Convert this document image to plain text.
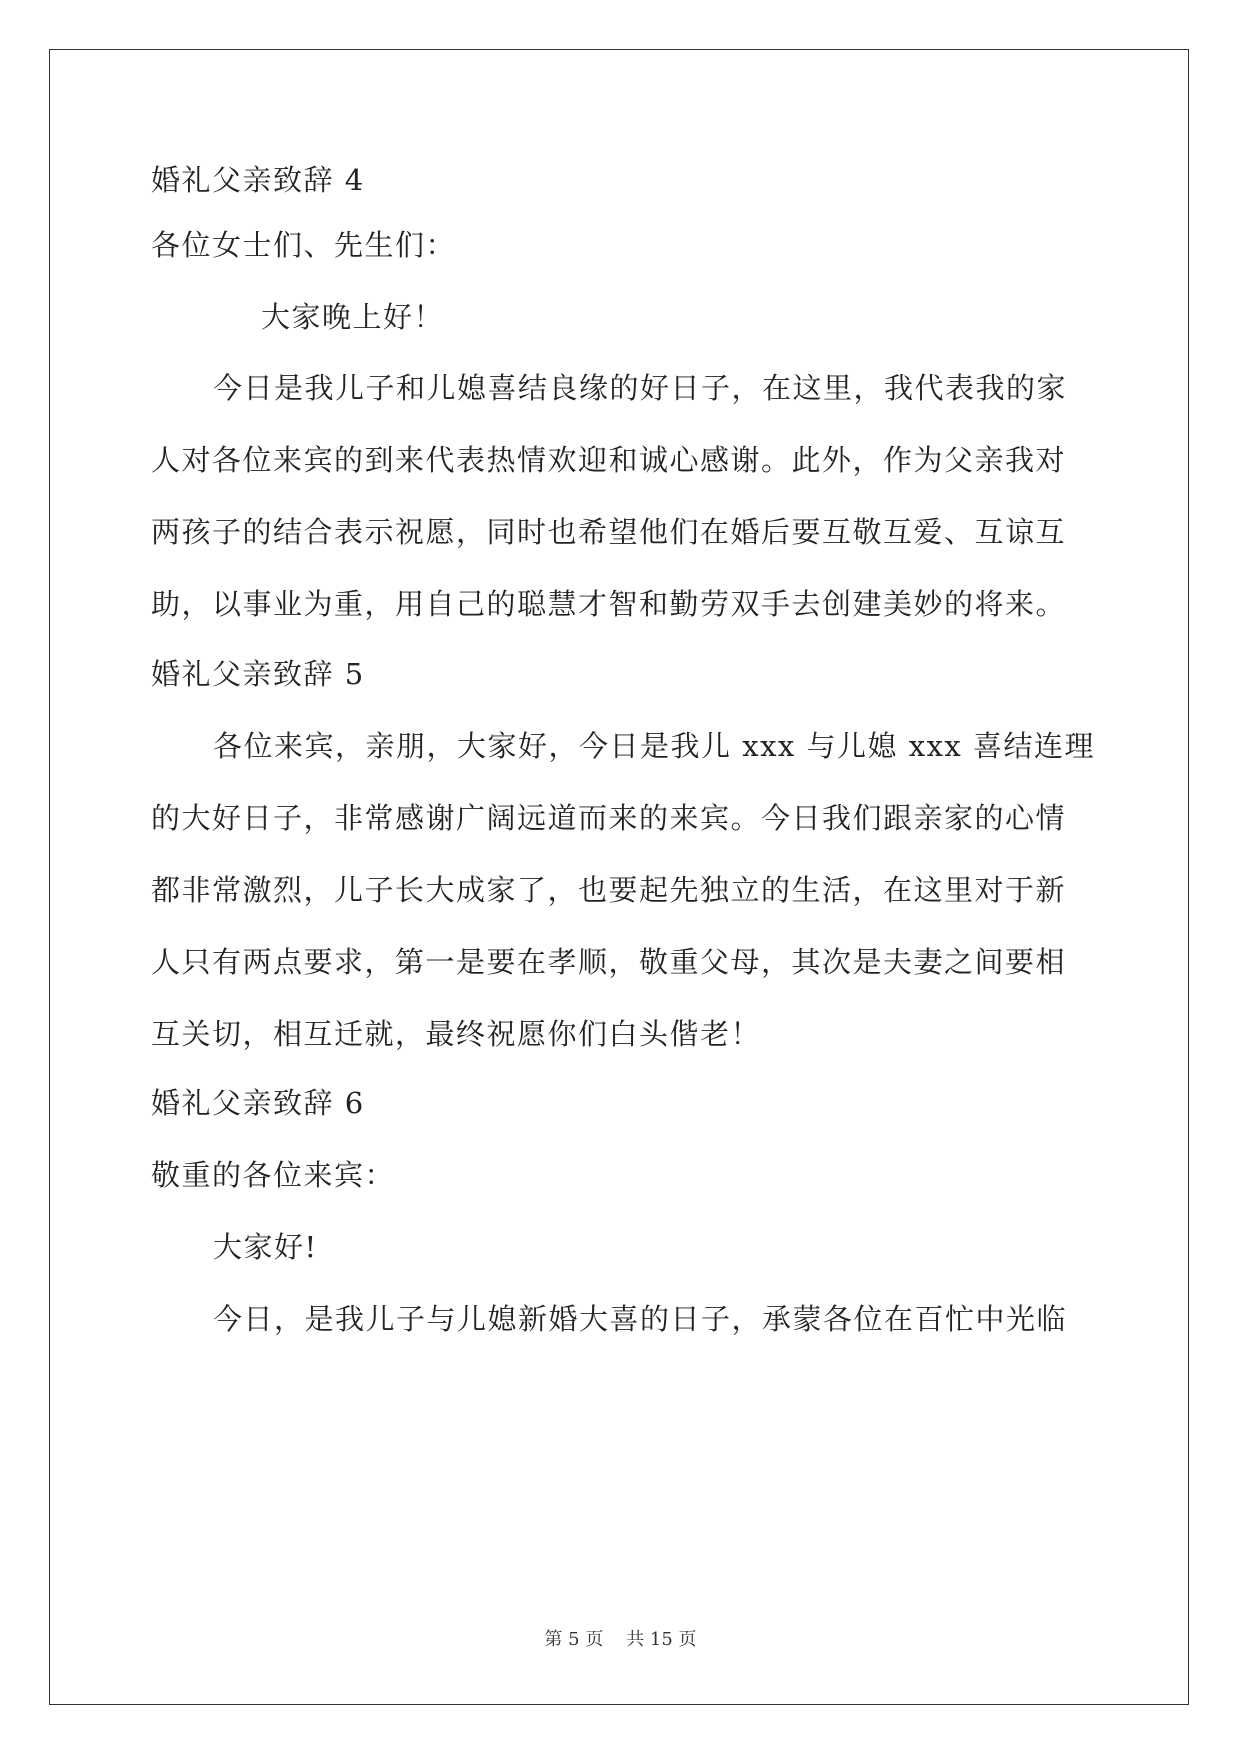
婚礼父亲致辞 4
各位女士们、先生们：
大家晚上好！
今日是我儿子和儿媳喜结良缘的好日子，在这里，我代表我的家
人对各位来宾的到来代表热情欢迎和诚心感谢。此外，作为父亲我对
两孩子的结合表示祝愿，同时也希望他们在婚后要互敬互爱、互谅互
助，以事业为重，用自己的聪慧才智和勤劳双手去创建美妙的将来。
婚礼父亲致辞 5
各位来宾，亲朋，大家好，今日是我儿 xxx 与儿媳 xxx 喜结连理
的大好日子，非常感谢广阔远道而来的来宾。今日我们跟亲家的心情
都非常激烈，儿子长大成家了，也要起先独立的生活，在这里对于新
人只有两点要求，第一是要在孝顺，敬重父母，其次是夫妻之间要相
互关切，相互迁就，最终祝愿你们白头偕老！
婚礼父亲致辞 6
敬重的各位来宾：
大家好!
今日，是我儿子与儿媳新婚大喜的日子，承蒙各位在百忙中光临
第 5 页    共 15 页
